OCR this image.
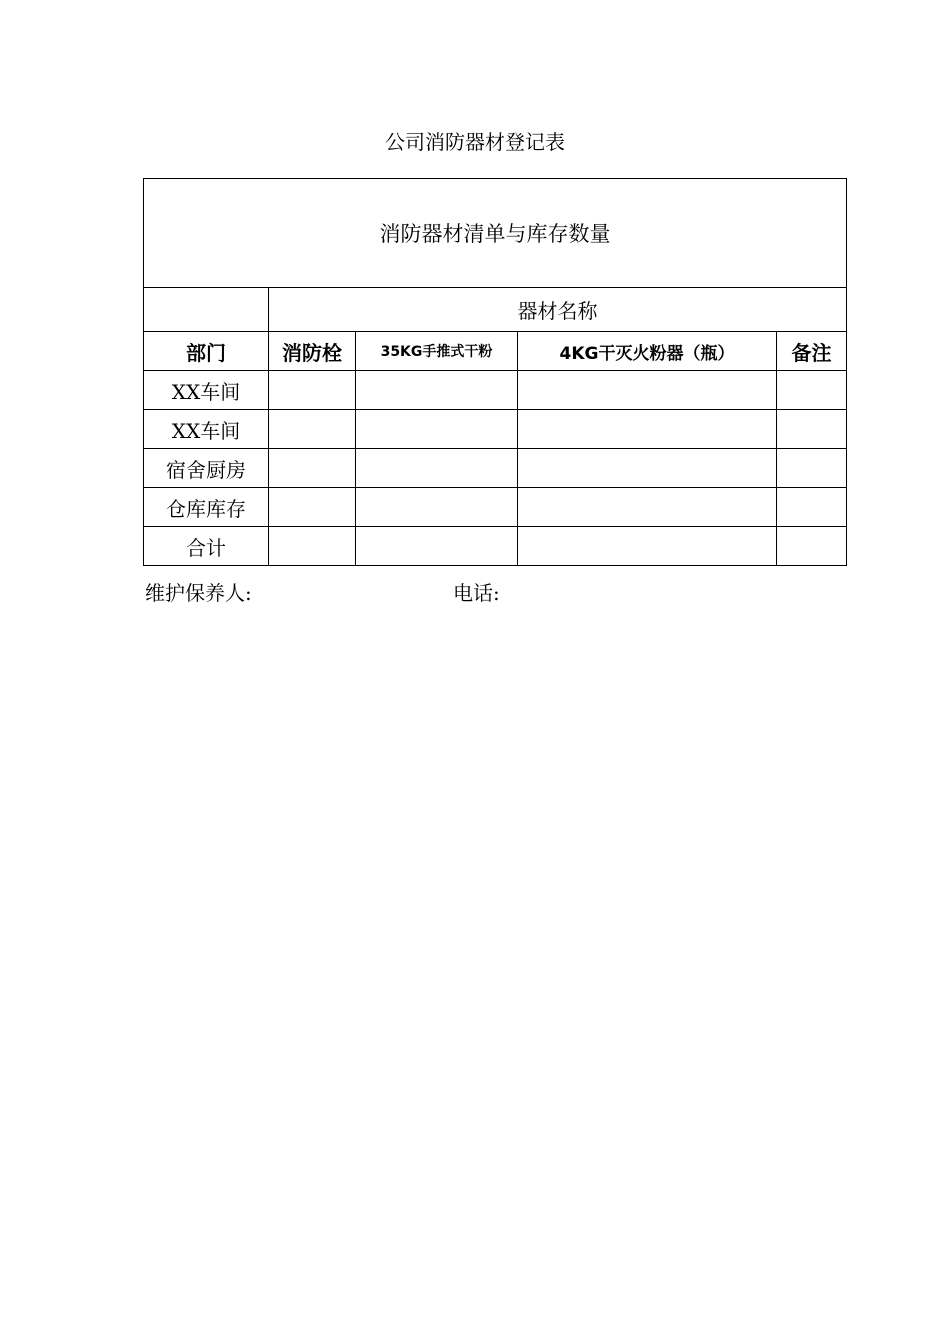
公司消防器材登记表
消防器材清单与库存数量				
	器材名称			
部门	消防栓	35KG手推式干粉	4KG干灭火粉器（瓶）	备注
XX车间				
XX车间				
宿舍厨房				
仓库库存				
合计				
维护保养人:	电话:
